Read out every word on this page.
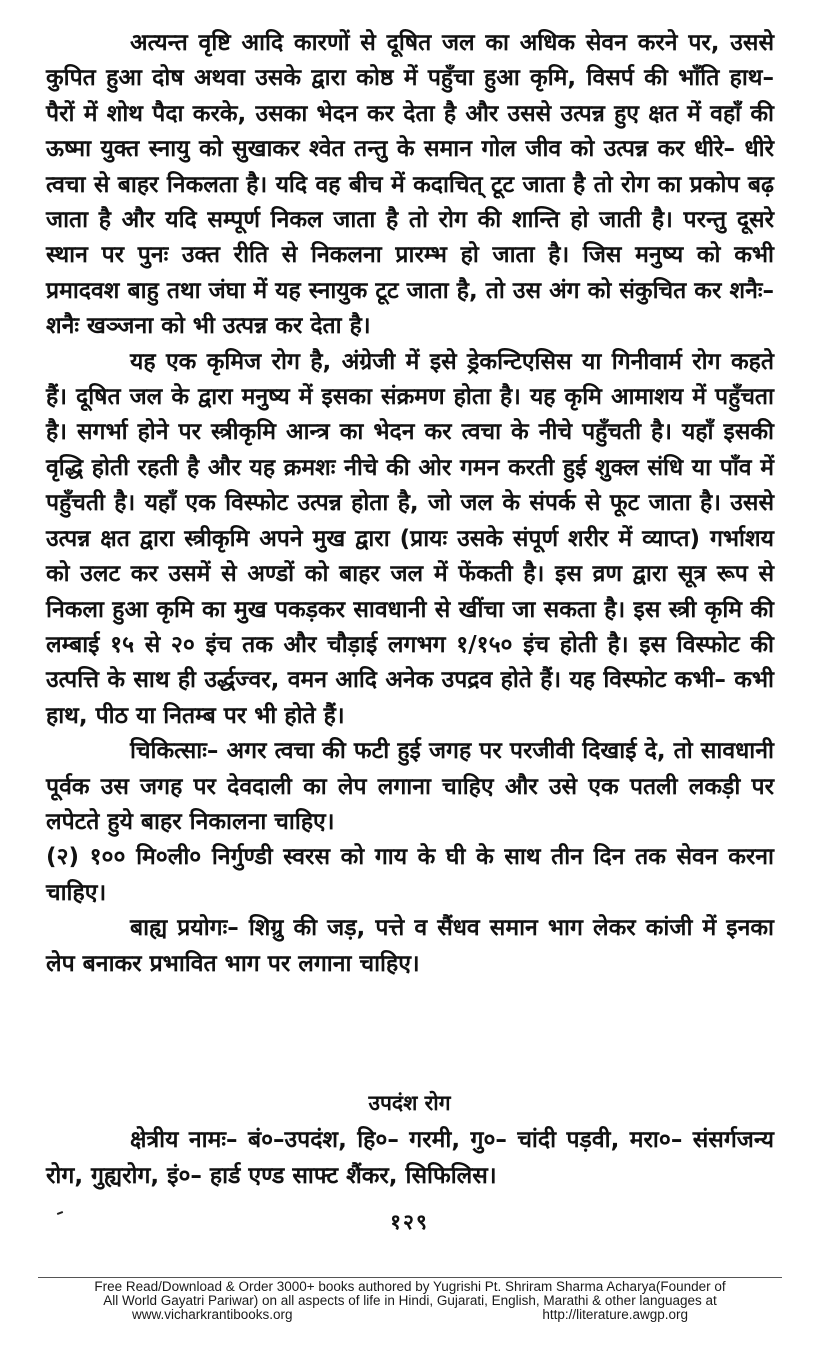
अत्यन्त वृष्टि आदि कारणों से दूषित जल का अधिक सेवन करने पर, उससे कुपित हुआ दोष अथवा उसके द्वारा कोष्ठ में पहुँचा हुआ कृमि, विसर्प की भाँति हाथ– पैरों में शोथ पैदा करके, उसका भेदन कर देता है और उससे उत्पन्न हुए क्षत में वहाँ की ऊष्मा युक्त स्नायु को सुखाकर श्वेत तन्तु के समान गोल जीव को उत्पन्न कर धीरे– धीरे त्वचा से बाहर निकलता है। यदि वह बीच में कदाचित् टूट जाता है तो रोग का प्रकोप बढ़ जाता है और यदि सम्पूर्ण निकल जाता है तो रोग की शान्ति हो जाती है। परन्तु दूसरे स्थान पर पुनः उक्त रीति से निकलना प्रारम्भ हो जाता है। जिस मनुष्य को कभी प्रमादवश बाहु तथा जंघा में यह स्नायुक टूट जाता है, तो उस अंग को संकुचित कर शनैः–शनैः खञ्जना को भी उत्पन्न कर देता है।

यह एक कृमिज रोग है, अंग्रेजी में इसे ड्रेकन्टिएसिस या गिनीवार्म रोग कहते हैं। दूषित जल के द्वारा मनुष्य में इसका संक्रमण होता है। यह कृमि आमाशय में पहुँचता है। सगर्भा होने पर स्त्रीकृमि आन्त्र का भेदन कर त्वचा के नीचे पहुँचती है। यहाँ इसकी वृद्धि होती रहती है और यह क्रमशः नीचे की ओर गमन करती हुई शुक्ल संधि या पाँव में पहुँचती है। यहाँ एक विस्फोट उत्पन्न होता है, जो जल के संपर्क से फूट जाता है। उससे उत्पन्न क्षत द्वारा स्त्रीकृमि अपने मुख द्वारा (प्रायः उसके संपूर्ण शरीर में व्याप्त) गर्भाशय को उलट कर उसमें से अण्डों को बाहर जल में फेंकती है। इस व्रण द्वारा सूत्र रूप से निकला हुआ कृमि का मुख पकड़कर सावधानी से खींचा जा सकता है। इस स्त्री कृमि की लम्बाई १५ से २० इंच तक और चौड़ाई लगभग १/१५० इंच होती है। इस विस्फोट की उत्पत्ति के साथ ही उर्द्धज्वर, वमन आदि अनेक उपद्रव होते हैं। यह विस्फोट कभी– कभी हाथ, पीठ या नितम्ब पर भी होते हैं।

चिकित्साः– अगर त्वचा की फटी हुई जगह पर परजीवी दिखाई दे, तो सावधानी पूर्वक उस जगह पर देवदाली का लेप लगाना चाहिए और उसे एक पतली लकड़ी पर लपेटते हुये बाहर निकालना चाहिए।

(२) १०० मि०ली० निर्गुण्डी स्वरस को गाय के घी के साथ तीन दिन तक सेवन करना चाहिए।

बाह्य प्रयोगः– शिग्रु की जड़, पत्ते व सैंधव समान भाग लेकर कांजी में इनका लेप बनाकर प्रभावित भाग पर लगाना चाहिए।

उपदंश रोग

क्षेत्रीय नामः– बं०–उपदंश, हि०– गरमी, गु०– चांदी पड़वी, मरा०– संसर्गजन्य रोग, गुह्यरोग, इं०– हार्ड एण्ड साफ्ट शैंकर, सिफिलिस।

१२९
Free Read/Download & Order 3000+ books authored by Yugrishi Pt. Shriram Sharma Acharya(Founder of
All World Gayatri Pariwar) on all aspects of life in Hindi, Gujarati, English, Marathi & other languages at
www.vicharkrantibooks.org	http://literature.awgp.org
